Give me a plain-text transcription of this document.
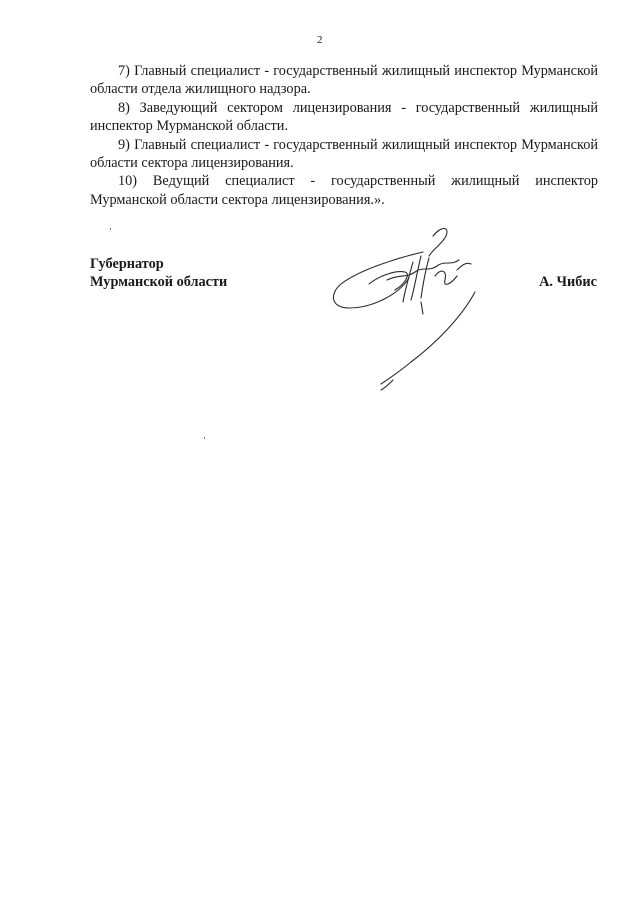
2

7) Главный специалист - государственный жилищный инспектор Мурманской области отдела жилищного надзора.

8) Заведующий сектором лицензирования - государственный жилищный инспектор Мурманской области.

9) Главный специалист - государственный жилищный инспектор Мурманской области сектора лицензирования.

10) Ведущий специалист - государственный жилищный инспектор Мурманской области сектора лицензирования.».

Губернатор
Мурманской области	А. Чибис
